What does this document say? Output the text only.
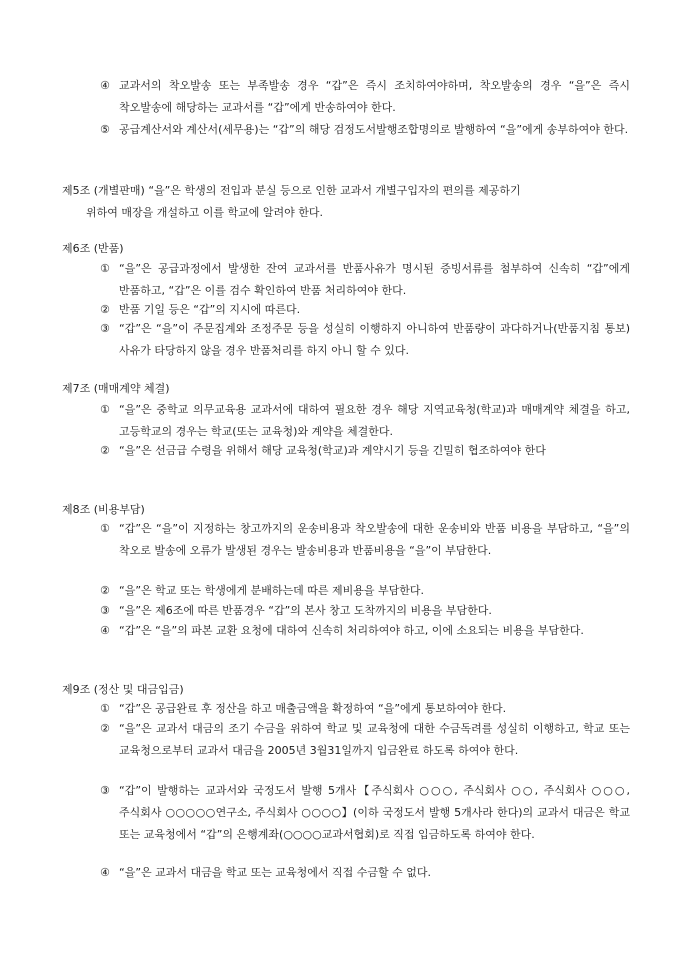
④ 교과서의 착오발송 또는 부족발송 경우 “갑”은 즉시 조치하여야하며, 착오발송의 경우 “을”은 즉시 착오발송에 해당하는 교과서를 “갑”에게 반송하여야 한다.
⑤ 공급계산서와 계산서(세무용)는 “갑”의 해당 검정도서발행조합명의로 발행하여 “을”에게 송부하여야 한다.
제5조 (개별판매) “을”은 학생의 전입과 분실 등으로 인한 교과서 개별구입자의 편의를 제공하기
위하여 매장을 개설하고 이를 학교에 알려야 한다.
제6조 (반품)
① “을”은 공급과정에서 발생한 잔여 교과서를 반품사유가 명시된 증빙서류를 첨부하여 신속히 “갑”에게 반품하고, “갑”은 이를 검수 확인하여 반품 처리하여야 한다.
② 반품 기일 등은 “갑”의 지시에 따른다.
③ “갑”은 “을”이 주문집계와 조정주문 등을 성실히 이행하지 아니하여 반품량이 과다하거나(반품지침 통보) 사유가 타당하지 않을 경우 반품처리를 하지 아니 할 수 있다.
제7조 (매매계약 체결)
① “을”은 중학교 의무교육용 교과서에 대하여 필요한 경우 해당 지역교육청(학교)과 매매계약 체결을 하고, 고등학교의 경우는 학교(또는 교육청)와 계약을 체결한다.
② “을”은 선금급 수령을 위해서 해당 교육청(학교)과 계약시기 등을 긴밀히 협조하여야 한다
제8조 (비용부담)
① “갑”은 “을”이 지정하는 창고까지의 운송비용과 착오발송에 대한 운송비와 반품 비용을 부담하고, “을”의 착오로 발송에 오류가 발생된 경우는 발송비용과 반품비용을 “을”이 부담한다.
② “을”은 학교 또는 학생에게 분배하는데 따른 제비용을 부담한다.
③ “을”은 제6조에 따른 반품경우 “갑”의 본사 창고 도착까지의 비용을 부담한다.
④ “갑”은 “을”의 파본 교환 요청에 대하여 신속히 처리하여야 하고, 이에 소요되는 비용을 부담한다.
제9조 (정산 및 대금입금)
① “갑”은 공급완료 후 정산을 하고 매출금액을 확정하여 “을”에게 통보하여야 한다.
② “을”은 교과서 대금의 조기 수금을 위하여 학교 및 교육청에 대한 수금독려를 성실히 이행하고, 학교 또는 교육청으로부터 교과서 대금을 2005년 3월31일까지 입금완료 하도록 하여야 한다.
③ “갑”이 발행하는 교과서와 국정도서 발행 5개사【주식회사 ○○○, 주식회사 ○○, 주식회사 ○○○, 주식회사 ○○○○○연구소, 주식회사 ○○○○】(이하 국정도서 발행 5개사라 한다)의 교과서 대금은 학교 또는 교육청에서 “갑”의 은행계좌(○○○○교과서협회)로 직접 입금하도록 하여야 한다.
④ “을”은 교과서 대금을 학교 또는 교육청에서 직접 수금할 수 없다.
